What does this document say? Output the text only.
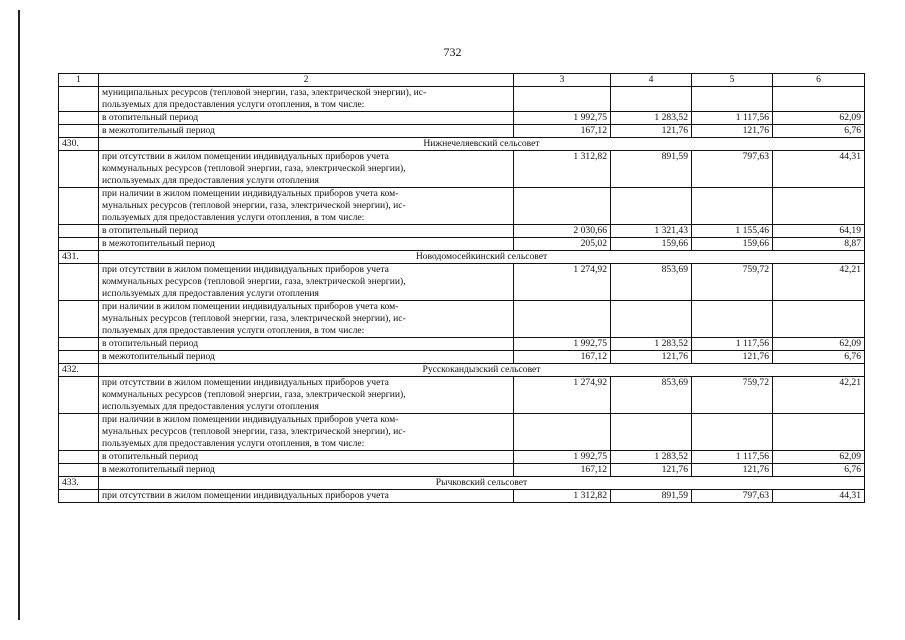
732
1	2	3	4	5	6

	муниципальных ресурсов (тепловой энергии, газа, электрической энергии), ис-
пользуемых для предоставления услуги отопления, в том числе:				

	в отопительный период	1 992,75	1 283,52	1 117,56	62,09

	в межотопительный период	167,12	121,76	121,76	6,76
430.	Нижнечеляевский сельсовет				

	при отсутствии в жилом помещении индивидуальных приборов учета
коммунальных ресурсов (тепловой энергии, газа, электрической энергии),
используемых для предоставления услуги отопления	1 312,82	891,59	797,63	44,31

	при наличии в жилом помещении индивидуальных приборов учета ком-
мунальных ресурсов (тепловой энергии, газа, электрической энергии), ис-
пользуемых для предоставления услуги отопления, в том числе:				

	в отопительный период	2 030,66	1 321,43	1 155,46	64,19

	в межотопительный период	205,02	159,66	159,66	8,87
431.	Новодомосейкинский сельсовет				

	при отсутствии в жилом помещении индивидуальных приборов учета
коммунальных ресурсов (тепловой энергии, газа, электрической энергии),
используемых для предоставления услуги отопления	1 274,92	853,69	759,72	42,21

	при наличии в жилом помещении индивидуальных приборов учета ком-
мунальных ресурсов (тепловой энергии, газа, электрической энергии), ис-
пользуемых для предоставления услуги отопления, в том числе:				

	в отопительный период	1 992,75	1 283,52	1 117,56	62,09

	в межотопительный период	167,12	121,76	121,76	6,76
432.	Русскокандызский сельсовет				

	при отсутствии в жилом помещении индивидуальных приборов учета
коммунальных ресурсов (тепловой энергии, газа, электрической энергии),
используемых для предоставления услуги отопления	1 274,92	853,69	759,72	42,21

	при наличии в жилом помещении индивидуальных приборов учета ком-
мунальных ресурсов (тепловой энергии, газа, электрической энергии), ис-
пользуемых для предоставления услуги отопления, в том числе:				

	в отопительный период	1 992,75	1 283,52	1 117,56	62,09

	в межотопительный период	167,12	121,76	121,76	6,76
433.	Рычковский сельсовет				

	при отсутствии в жилом помещении индивидуальных приборов учета	1 312,82	891,59	797,63	44,31
